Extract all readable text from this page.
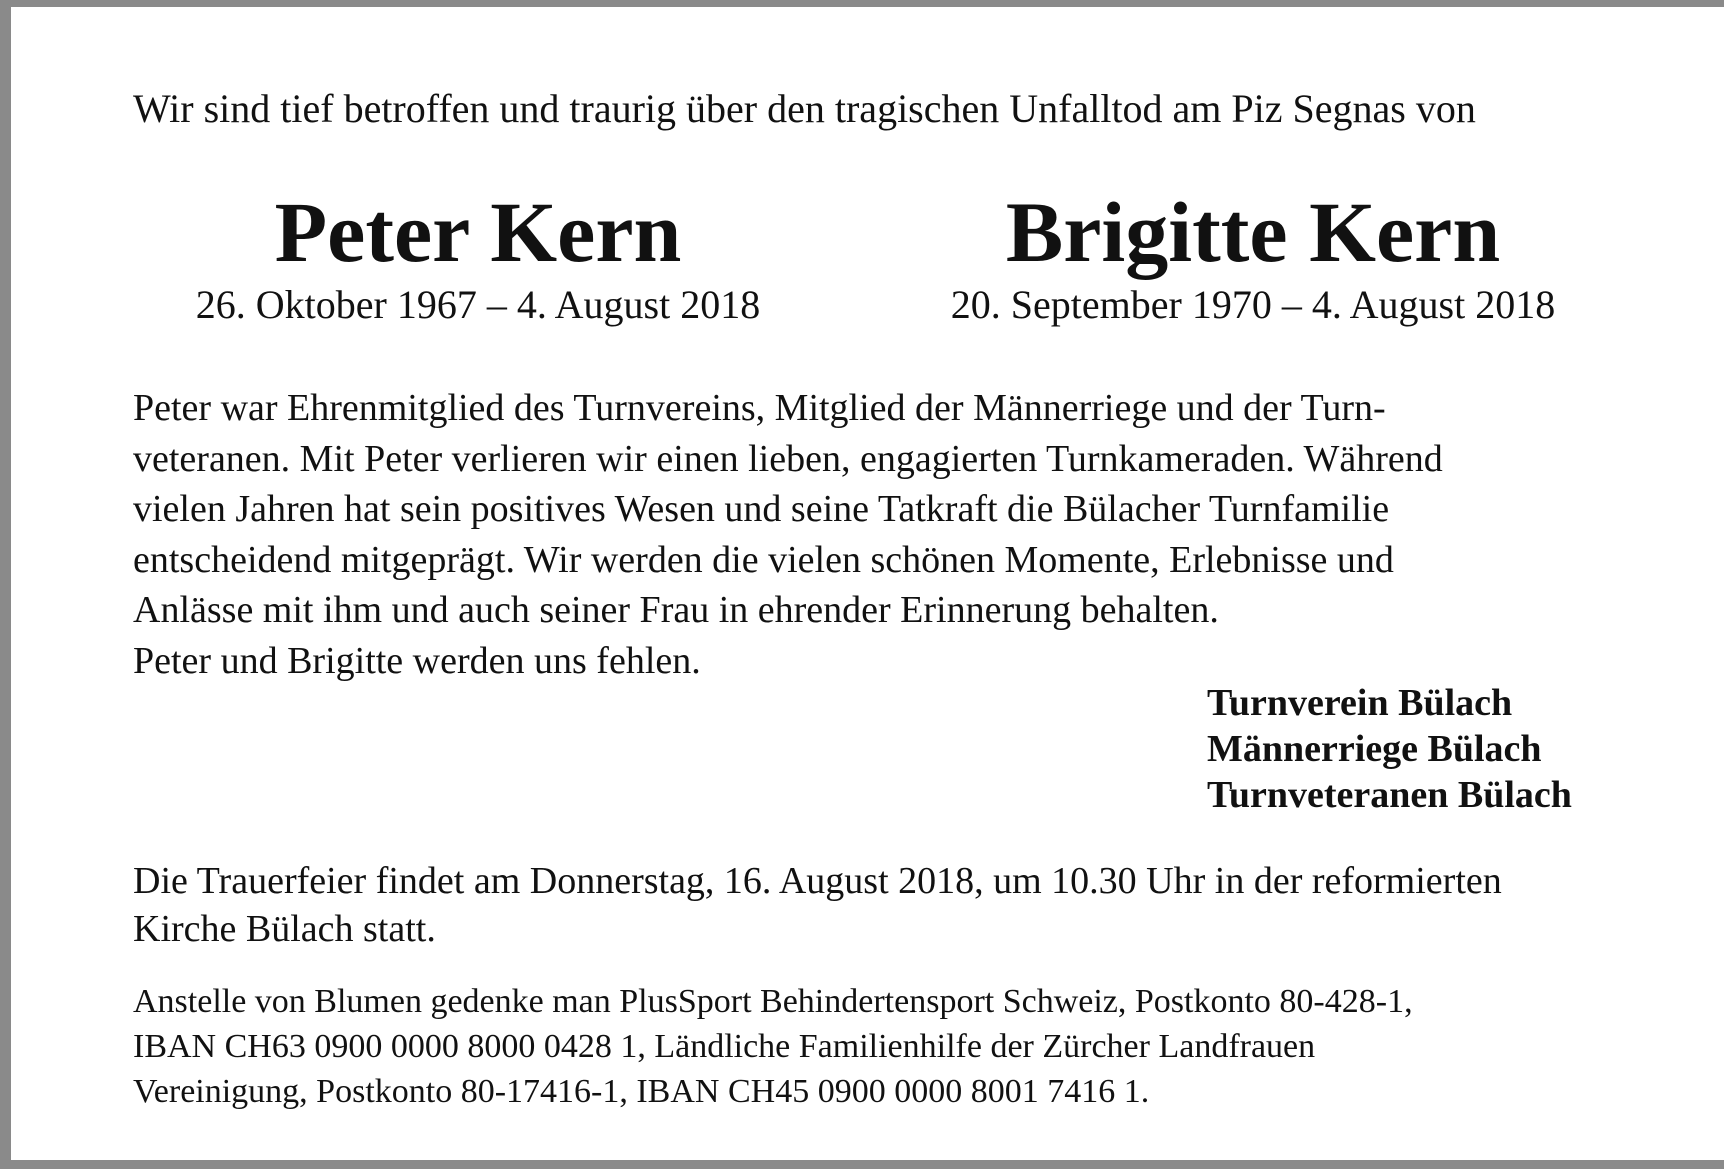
Wir sind tief betroffen und traurig über den tragischen Unfalltod am Piz Segnas von
Peter Kern
26. Oktober 1967 – 4. August 2018
Brigitte Kern
20. September 1970 – 4. August 2018
Peter war Ehrenmitglied des Turnvereins, Mitglied der Männerriege und der Turn-
veteranen. Mit Peter verlieren wir einen lieben, engagierten Turnkameraden. Während
vielen Jahren hat sein positives Wesen und seine Tatkraft die Bülacher Turnfamilie
entscheidend mitgeprägt. Wir werden die vielen schönen Momente, Erlebnisse und
Anlässe mit ihm und auch seiner Frau in ehrender Erinnerung behalten.
Peter und Brigitte werden uns fehlen.
Turnverein Bülach
Männerriege Bülach
Turnveteranen Bülach
Die Trauerfeier findet am Donnerstag, 16. August 2018, um 10.30 Uhr in der reformierten
Kirche Bülach statt.
Anstelle von Blumen gedenke man PlusSport Behindertensport Schweiz, Postkonto 80-428-1,
IBAN CH63 0900 0000 8000 0428 1, Ländliche Familienhilfe der Zürcher Landfrauen
Vereinigung, Postkonto 80-17416-1, IBAN CH45 0900 0000 8001 7416 1.
